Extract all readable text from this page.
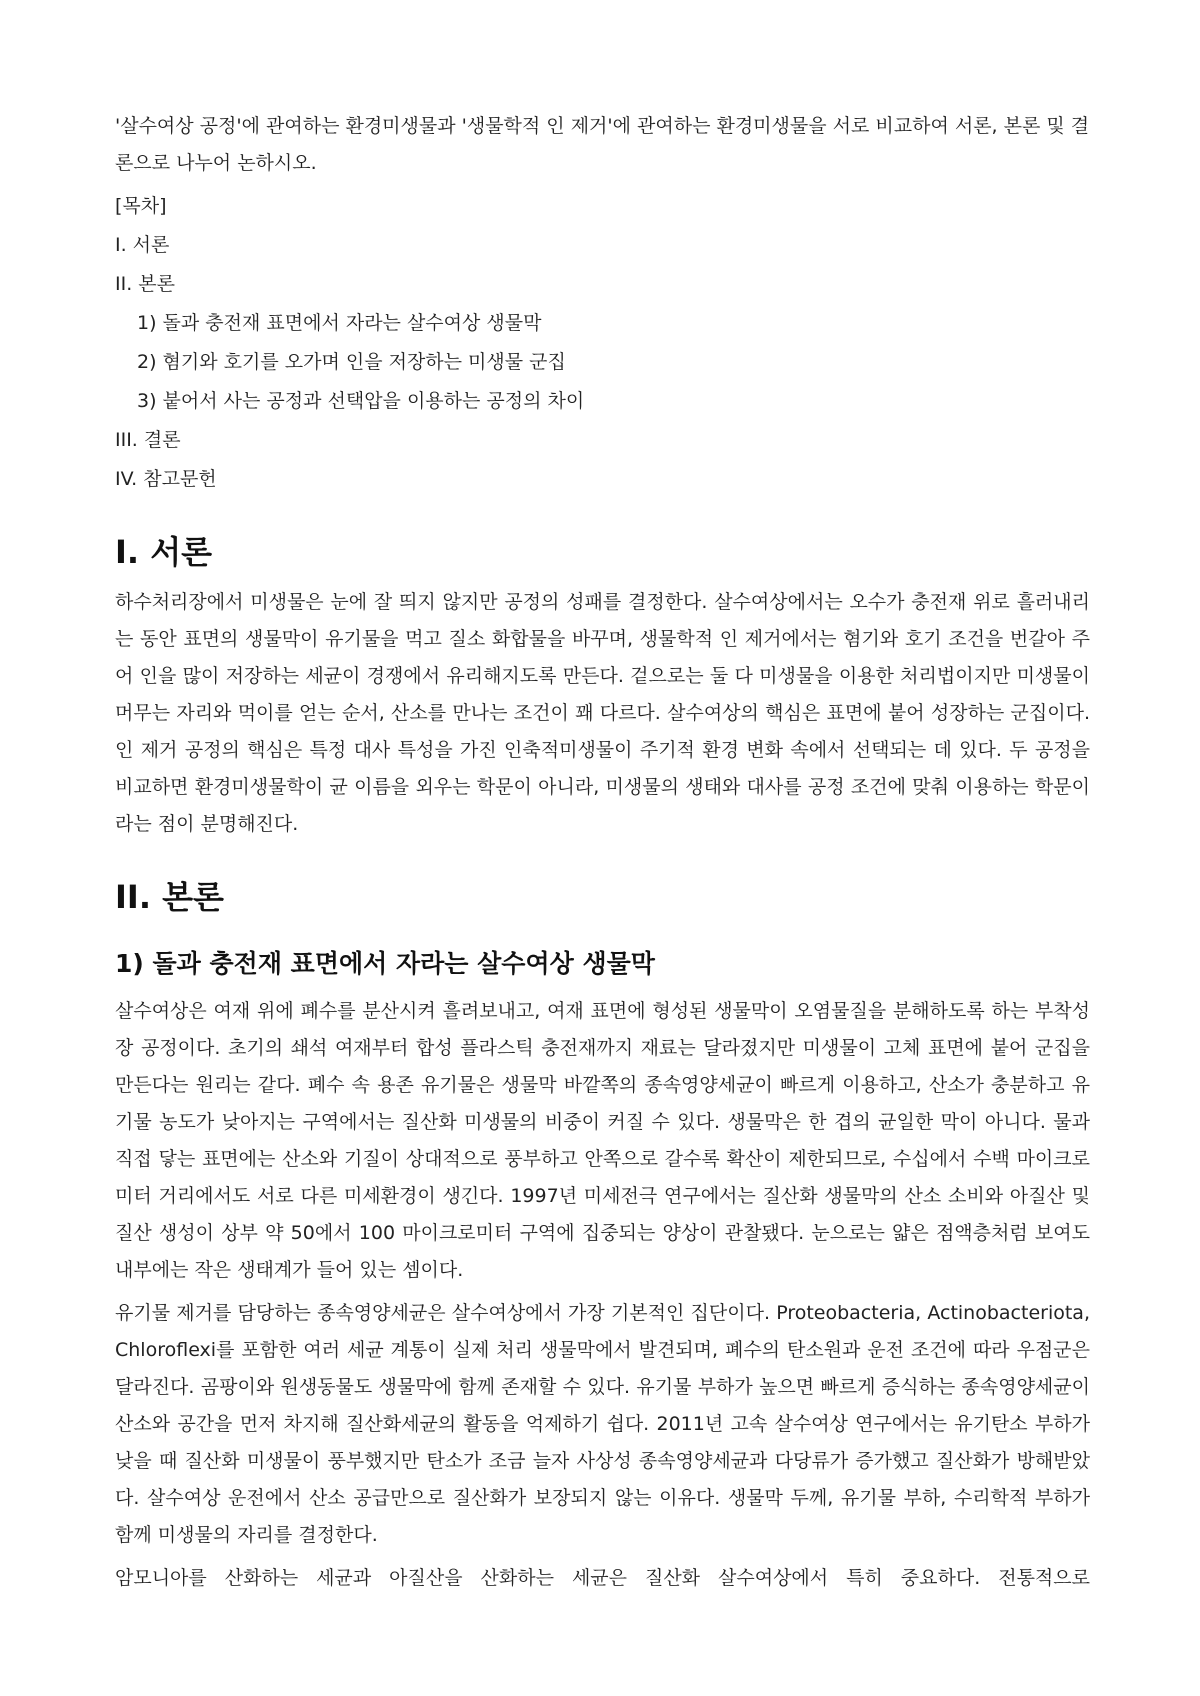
'살수여상 공정'에 관여하는 환경미생물과 '생물학적 인 제거'에 관여하는 환경미생물을 서로 비교하여 서론, 본론 및 결론으로 나누어 논하시오.

[목차]
I. 서론
II. 본론
1) 돌과 충전재 표면에서 자라는 살수여상 생물막
2) 혐기와 호기를 오가며 인을 저장하는 미생물 군집
3) 붙어서 사는 공정과 선택압을 이용하는 공정의 차이
III. 결론
IV. 참고문헌
I. 서론

하수처리장에서 미생물은 눈에 잘 띄지 않지만 공정의 성패를 결정한다. 살수여상에서는 오수가 충전재 위로 흘러내리는 동안 표면의 생물막이 유기물을 먹고 질소 화합물을 바꾸며, 생물학적 인 제거에서는 혐기와 호기 조건을 번갈아 주어 인을 많이 저장하는 세균이 경쟁에서 유리해지도록 만든다. 겉으로는 둘 다 미생물을 이용한 처리법이지만 미생물이 머무는 자리와 먹이를 얻는 순서, 산소를 만나는 조건이 꽤 다르다. 살수여상의 핵심은 표면에 붙어 성장하는 군집이다. 인 제거 공정의 핵심은 특정 대사 특성을 가진 인축적미생물이 주기적 환경 변화 속에서 선택되는 데 있다. 두 공정을 비교하면 환경미생물학이 균 이름을 외우는 학문이 아니라, 미생물의 생태와 대사를 공정 조건에 맞춰 이용하는 학문이라는 점이 분명해진다.

II. 본론
1) 돌과 충전재 표면에서 자라는 살수여상 생물막

살수여상은 여재 위에 폐수를 분산시켜 흘려보내고, 여재 표면에 형성된 생물막이 오염물질을 분해하도록 하는 부착성장 공정이다. 초기의 쇄석 여재부터 합성 플라스틱 충전재까지 재료는 달라졌지만 미생물이 고체 표면에 붙어 군집을 만든다는 원리는 같다. 폐수 속 용존 유기물은 생물막 바깥쪽의 종속영양세균이 빠르게 이용하고, 산소가 충분하고 유기물 농도가 낮아지는 구역에서는 질산화 미생물의 비중이 커질 수 있다. 생물막은 한 겹의 균일한 막이 아니다. 물과 직접 닿는 표면에는 산소와 기질이 상대적으로 풍부하고 안쪽으로 갈수록 확산이 제한되므로, 수십에서 수백 마이크로미터 거리에서도 서로 다른 미세환경이 생긴다. 1997년 미세전극 연구에서는 질산화 생물막의 산소 소비와 아질산 및 질산 생성이 상부 약 50에서 100 마이크로미터 구역에 집중되는 양상이 관찰됐다. 눈으로는 얇은 점액층처럼 보여도 내부에는 작은 생태계가 들어 있는 셈이다.

유기물 제거를 담당하는 종속영양세균은 살수여상에서 가장 기본적인 집단이다. Proteobacteria, Actinobacteriota, Chloroflexi를 포함한 여러 세균 계통이 실제 처리 생물막에서 발견되며, 폐수의 탄소원과 운전 조건에 따라 우점군은 달라진다. 곰팡이와 원생동물도 생물막에 함께 존재할 수 있다. 유기물 부하가 높으면 빠르게 증식하는 종속영양세균이 산소와 공간을 먼저 차지해 질산화세균의 활동을 억제하기 쉽다. 2011년 고속 살수여상 연구에서는 유기탄소 부하가 낮을 때 질산화 미생물이 풍부했지만 탄소가 조금 늘자 사상성 종속영양세균과 다당류가 증가했고 질산화가 방해받았다. 살수여상 운전에서 산소 공급만으로 질산화가 보장되지 않는 이유다. 생물막 두께, 유기물 부하, 수리학적 부하가 함께 미생물의 자리를 결정한다.

암모니아를 산화하는 세균과 아질산을 산화하는 세균은 질산화 살수여상에서 특히 중요하다. 전통적으로
